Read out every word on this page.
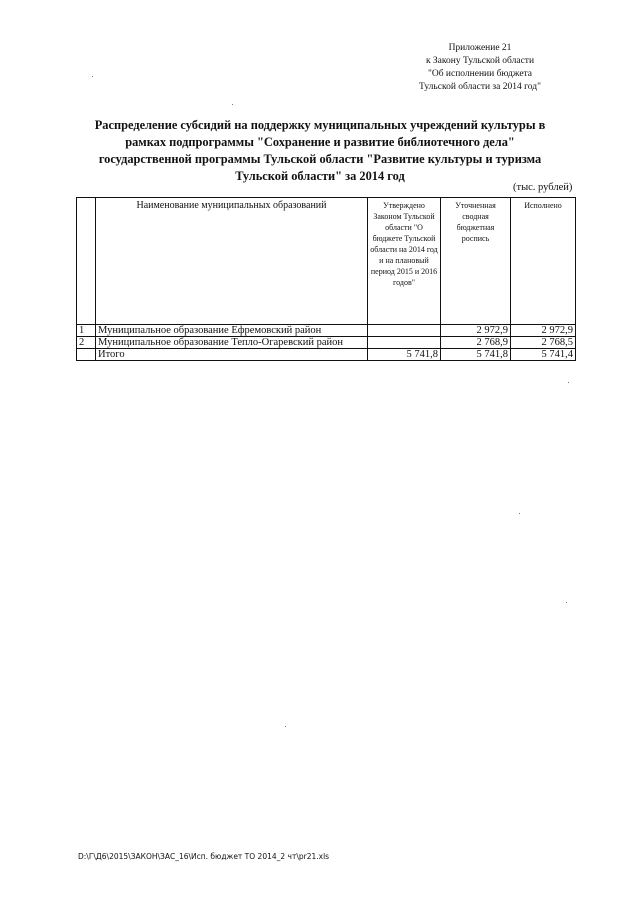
Приложение 21
к Закону Тульской области
"Об исполнении бюджета
Тульской области за 2014 год"
Распределение субсидий на поддержку муниципальных учреждений культуры в
рамках подпрограммы "Сохранение и развитие библиотечного дела"
государственной программы Тульской области "Развитие культуры и туризма
Тульской области" за 2014 год
(тыс. рублей)
	Наименование муниципальных образований	Утверждено Законом Тульской области "О бюджете Тульской области на 2014 год и на плановый период 2015 и 2016 годов"	Уточненная сводная бюджетная роспись	Исполнено
1	Муниципальное образование Ефремовский район		2 972,9	2 972,9
2	Муниципальное образование Тепло-Огаревский район		2 768,9	2 768,5
	Итого	5 741,8	5 741,8	5 741,4
D:\Г\Д6\2015\ЗАКОН\ЗАС_16\Исп. бюджет ТО 2014_2 чт\pr21.xls
